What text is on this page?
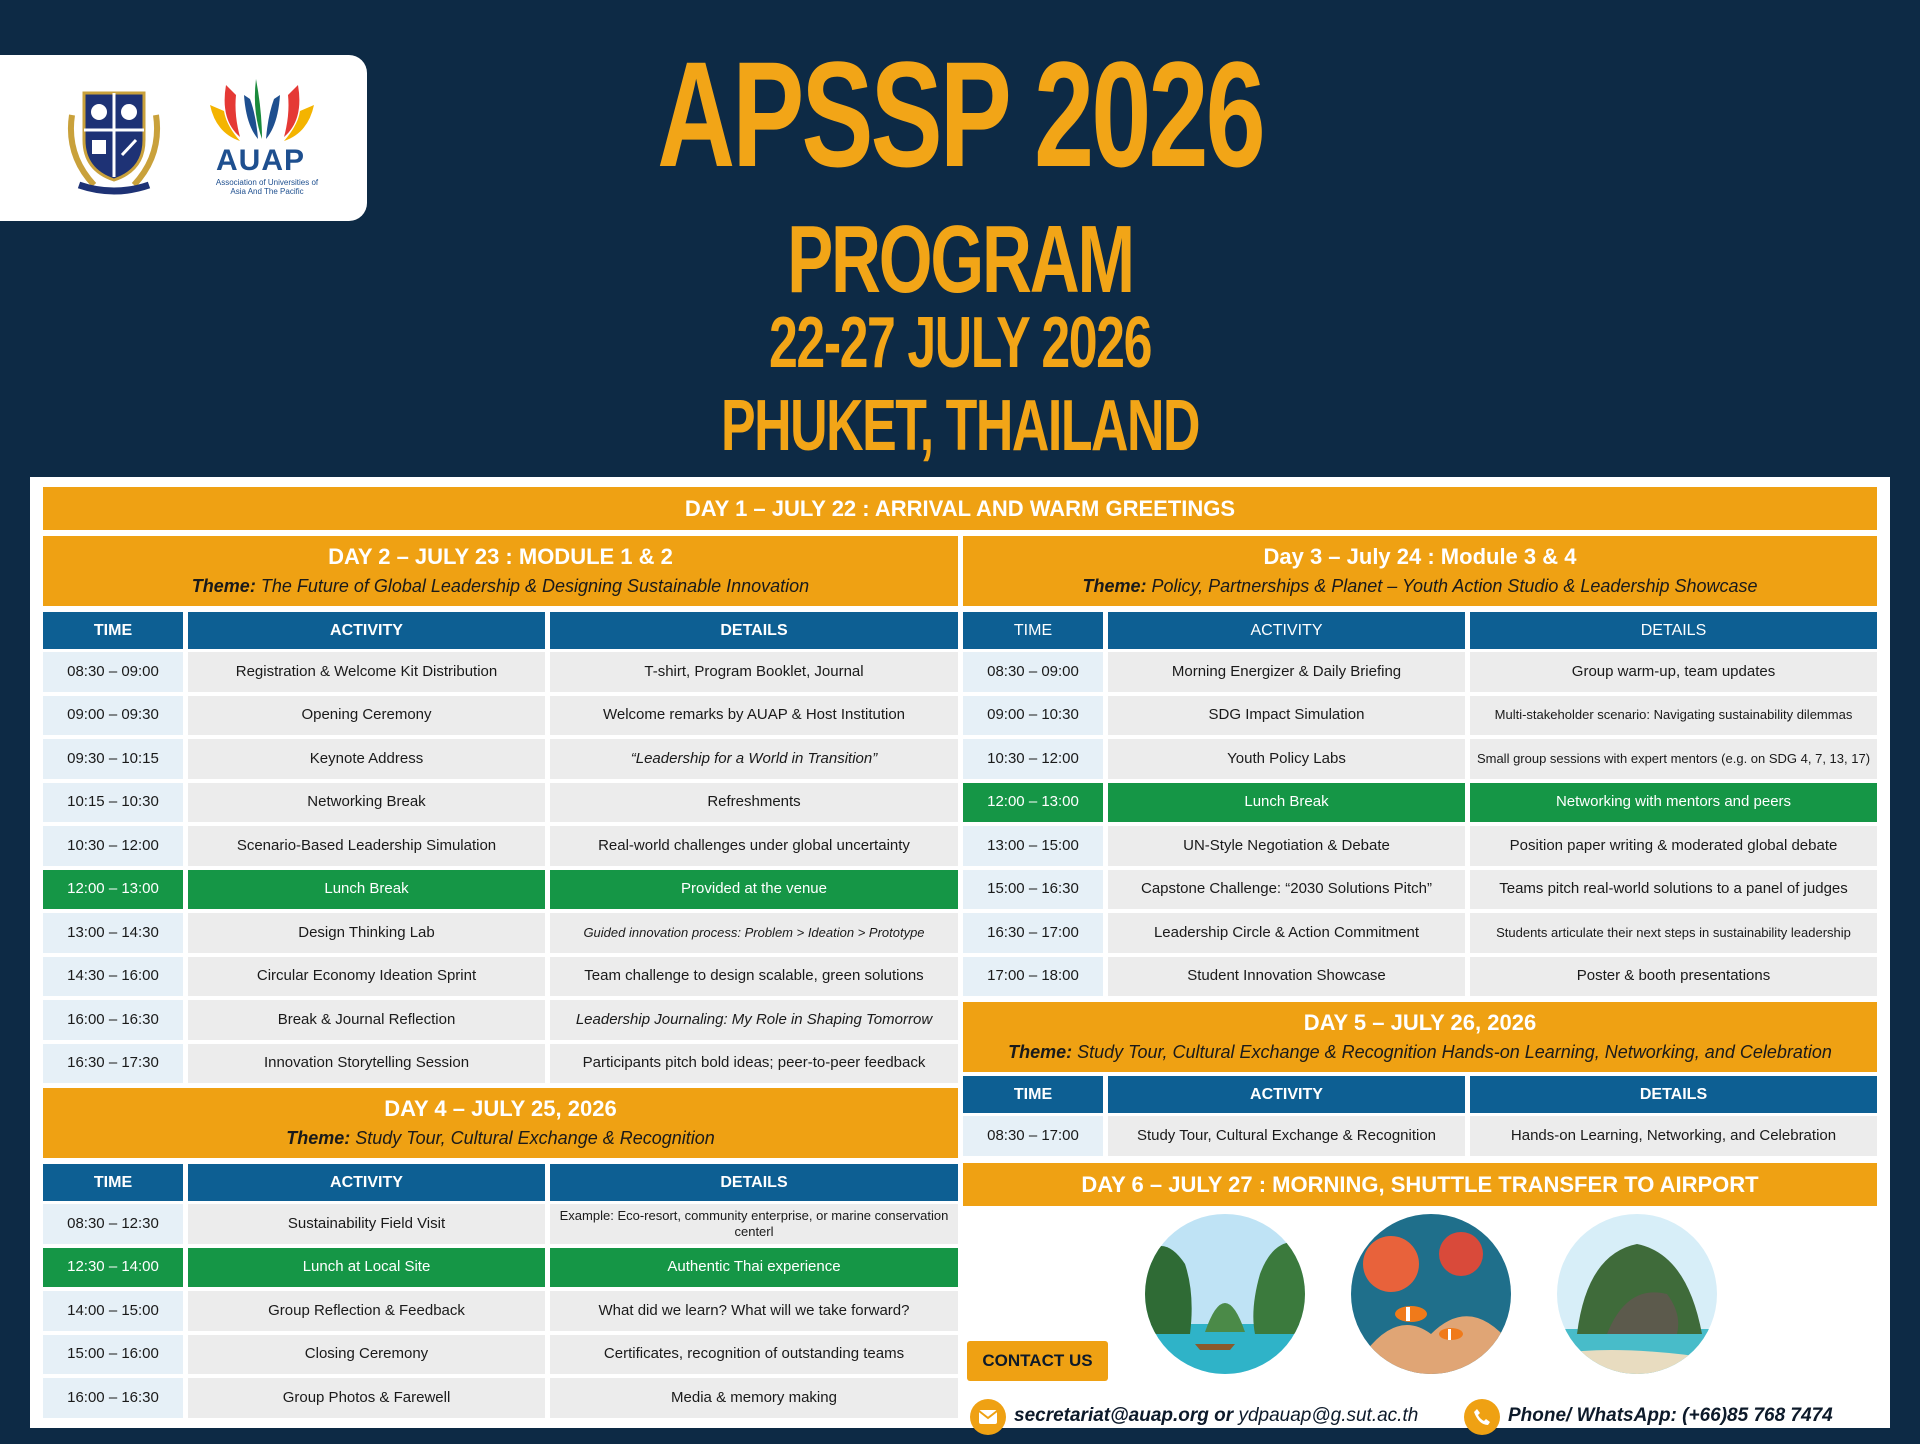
AUAP
Association of Universities of Asia And The Pacific	APSSP 2026
PROGRAM
22-27 JULY 2026
PHUKET, THAILAND
DAY 1 – JULY 22 : ARRIVAL AND WARM GREETINGS
DAY 2 – JULY 23 : MODULE 1 & 2
Theme: The Future of Global Leadership & Designing Sustainable Innovation
Day 3 – July 24 : Module 3 & 4
Theme: Policy, Partnerships & Planet – Youth Action Studio & Leadership Showcase
DAY 4 – JULY 25, 2026
Theme: Study Tour, Cultural Exchange & Recognition
DAY 5 – JULY 26, 2026
Theme: Study Tour, Cultural Exchange & Recognition Hands-on Learning, Networking, and Celebration
DAY 6 – JULY 27 : MORNING, SHUTTLE TRANSFER TO AIRPORT
CONTACT US
secretariat@auap.org or ydpauap@g.sut.ac.th	Phone/ WhatsApp: (+66)85 768 7474
TIME	ACTIVITY	DETAILS
08:30 – 09:00	Registration & Welcome Kit Distribution	T-shirt, Program Booklet, Journal
09:00 – 09:30	Opening Ceremony	Welcome remarks by AUAP & Host Institution
09:30 – 10:15	Keynote Address	“Leadership for a World in Transition”
10:15 – 10:30	Networking Break	Refreshments
10:30 – 12:00	Scenario-Based Leadership Simulation	Real-world challenges under global uncertainty
12:00 – 13:00	Lunch Break	Provided at the venue
13:00 – 14:30	Design Thinking Lab	Guided innovation process: Problem > Ideation > Prototype
14:30 – 16:00	Circular Economy Ideation Sprint	Team challenge to design scalable, green solutions
16:00 – 16:30	Break & Journal Reflection	Leadership Journaling: My Role in Shaping Tomorrow
16:30 – 17:30	Innovation Storytelling Session	Participants pitch bold ideas; peer-to-peer feedback
TIME	ACTIVITY	DETAILS
08:30 – 09:00	Morning Energizer & Daily Briefing	Group warm-up, team updates
09:00 – 10:30	SDG Impact Simulation	Multi-stakeholder scenario: Navigating sustainability dilemmas
10:30 – 12:00	Youth Policy Labs	Small group sessions with expert mentors (e.g. on SDG 4, 7, 13, 17)
12:00 – 13:00	Lunch Break	Networking with mentors and peers
13:00 – 15:00	UN-Style Negotiation & Debate	Position paper writing & moderated global debate
15:00 – 16:30	Capstone Challenge: “2030 Solutions Pitch”	Teams pitch real-world solutions to a panel of judges
16:30 – 17:00	Leadership Circle & Action Commitment	Students articulate their next steps in sustainability leadership
17:00 – 18:00	Student Innovation Showcase	Poster & booth presentations
TIME	ACTIVITY	DETAILS
08:30 – 12:30	Sustainability Field Visit	Example: Eco-resort, community enterprise, or marine conservation centerl
12:30 – 14:00	Lunch at Local Site	Authentic Thai experience
14:00 – 15:00	Group Reflection & Feedback	What did we learn? What will we take forward?
15:00 – 16:00	Closing Ceremony	Certificates, recognition of outstanding teams
16:00 – 16:30	Group Photos & Farewell	Media & memory making
TIME	ACTIVITY	DETAILS
08:30 – 17:00	Study Tour, Cultural Exchange & Recognition	Hands-on Learning, Networking, and Celebration
